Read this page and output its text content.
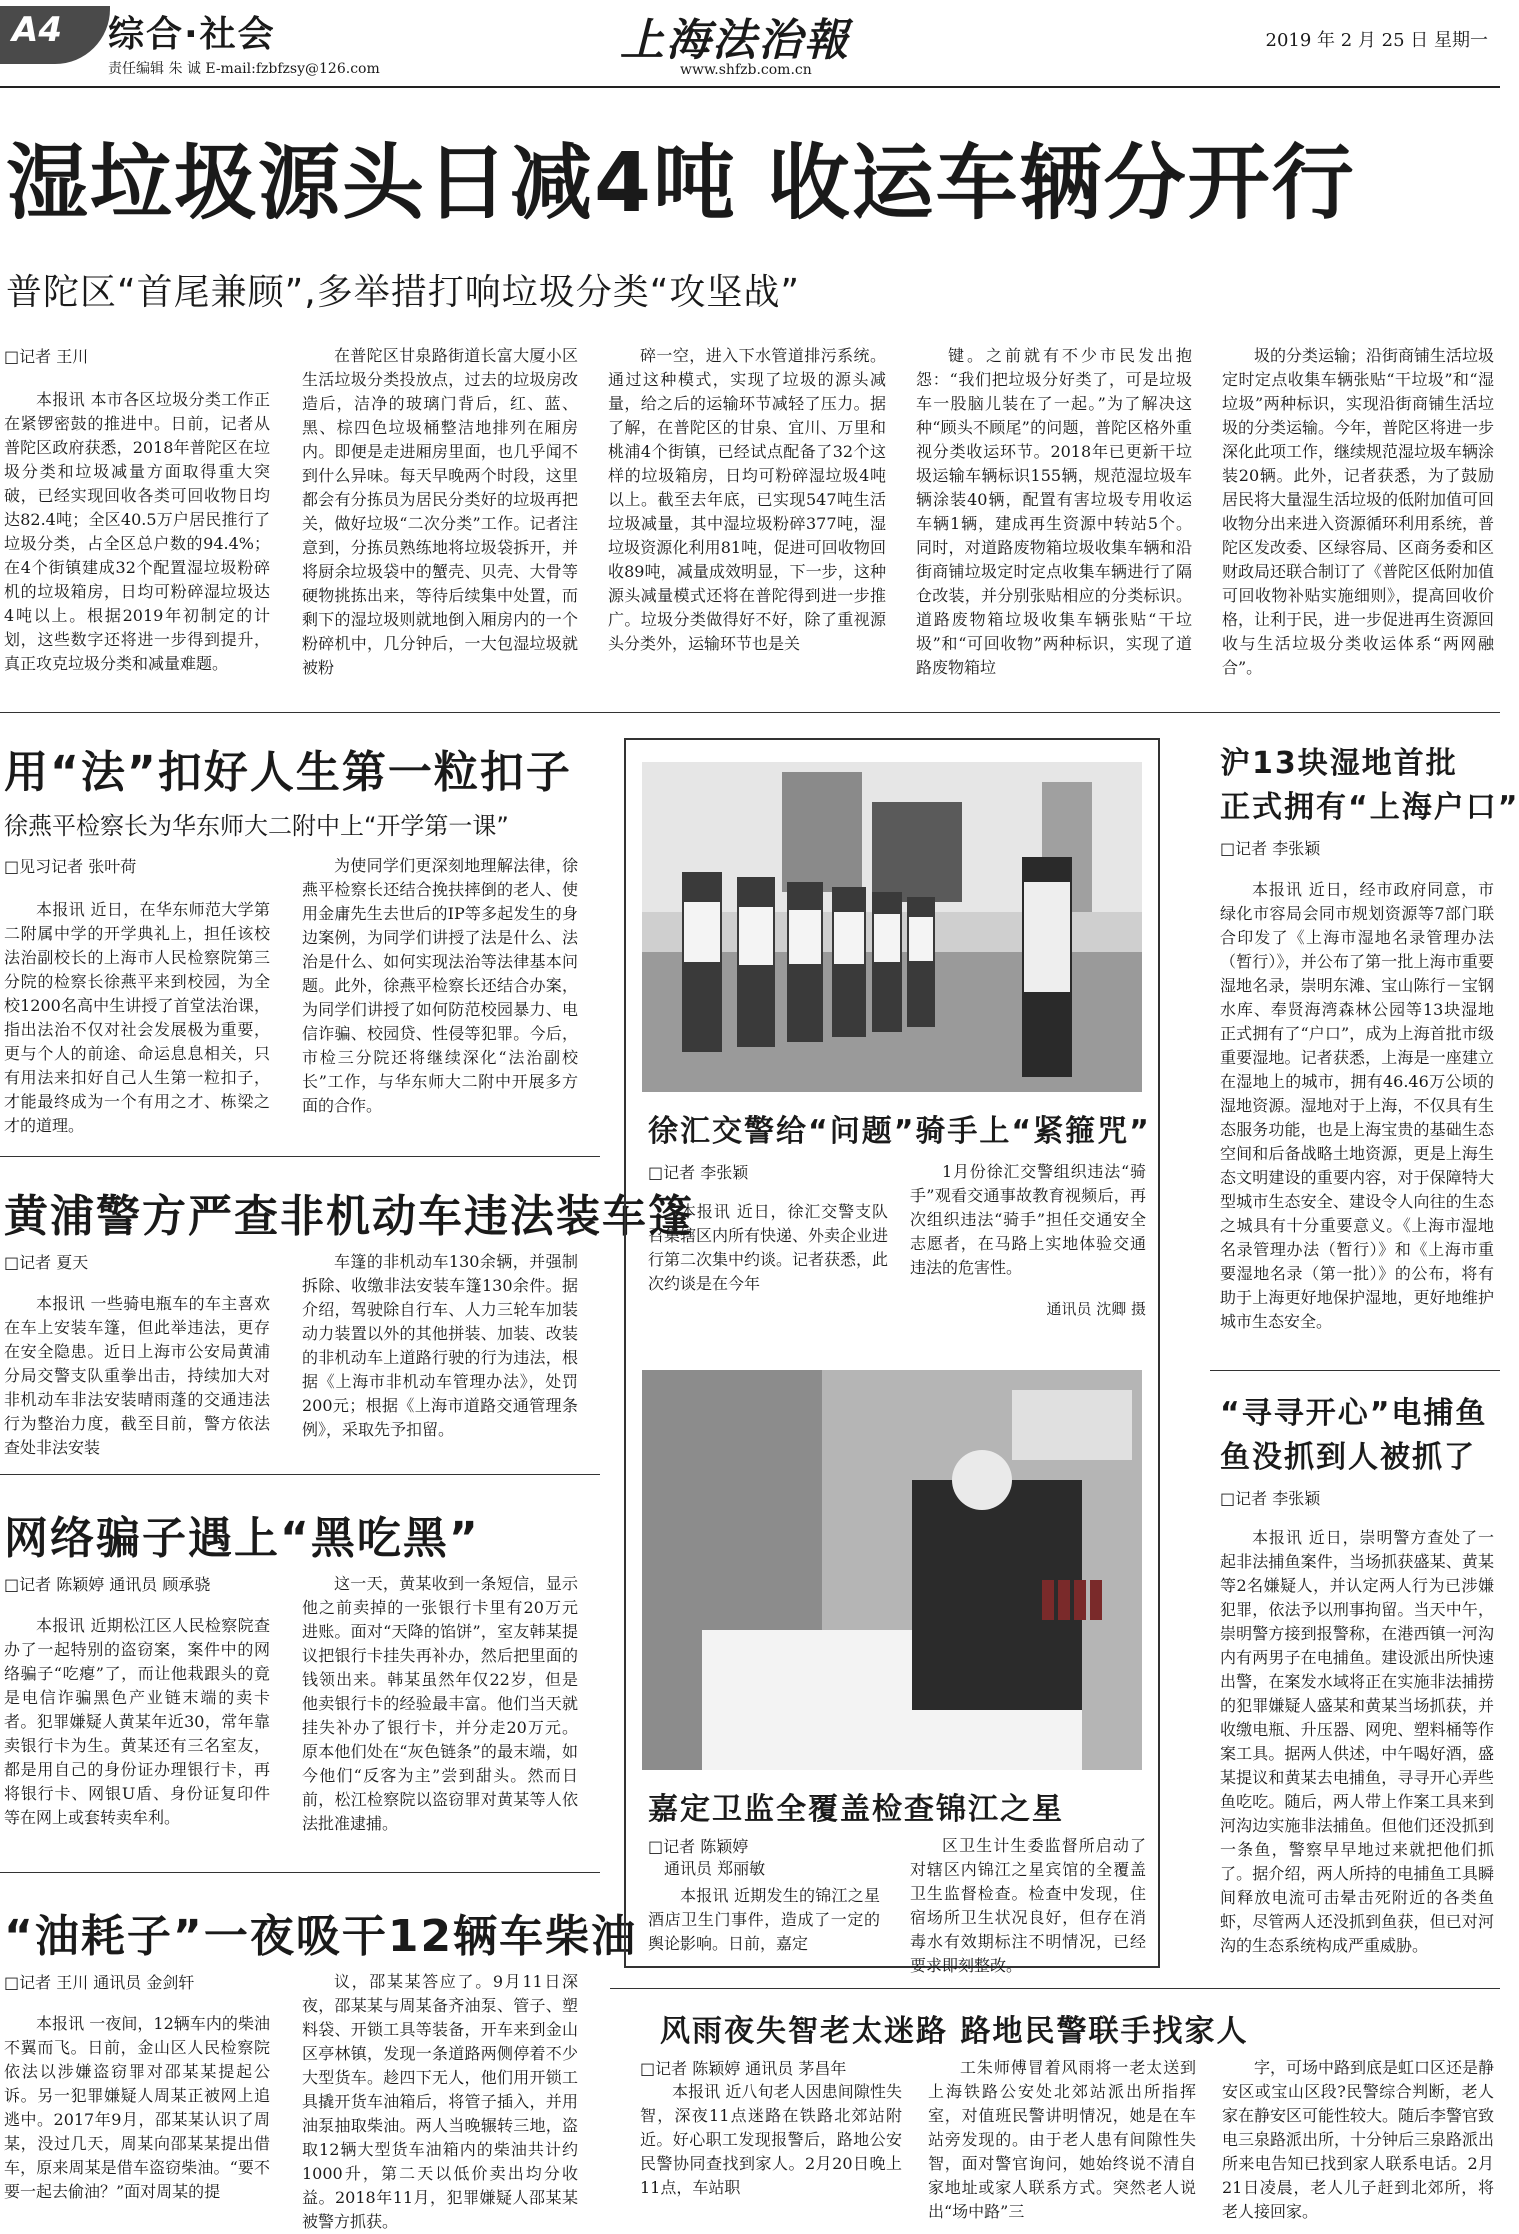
A4 综合·社会
责任编辑 朱 诚 E-mail:fzbfzsy@126.com
上海法治報
www.shfzb.com.cn
2019 年 2 月 25 日 星期一
湿垃圾源头日减4吨 收运车辆分开行
普陀区“首尾兼顾”,多举措打响垃圾分类“攻坚战”
□记者 王川

本报讯 本市各区垃圾分类工作正在紧锣密鼓的推进中。日前，记者从普陀区政府获悉，2018年普陀区在垃圾分类和垃圾减量方面取得重大突破，已经实现回收各类可回收物日均达82.4吨；全区40.5万户居民推行了垃圾分类，占全区总户数的94.4%；在4个街镇建成32个配置湿垃圾粉碎机的垃圾箱房，日均可粉碎湿垃圾达4吨以上。根据2019年初制定的计划，这些数字还将进一步得到提升，真正攻克垃圾分类和减量难题。

在普陀区甘泉路街道长富大厦小区生活垃圾分类投放点，过去的垃圾房改造后，洁净的玻璃门背后，红、蓝、黑、棕四色垃圾桶整洁地排列在厢房内。即便是走进厢房里面，也几乎闻不到什么异味。每天早晚两个时段，这里都会有分拣员为居民分类好的垃圾再把关，做好垃圾“二次分类”工作。记者注意到，分拣员熟练地将垃圾袋拆开，并将厨余垃圾袋中的蟹壳、贝壳、大骨等硬物挑拣出来，等待后续集中处置，而剩下的湿垃圾则就地倒入厢房内的一个粉碎机中，几分钟后，一大包湿垃圾就被粉

碎一空，进入下水管道排污系统。通过这种模式，实现了垃圾的源头减量，给之后的运输环节减轻了压力。据了解，在普陀区的甘泉、宜川、万里和桃浦4个街镇，已经试点配备了32个这样的垃圾箱房，日均可粉碎湿垃圾4吨以上。截至去年底，已实现547吨生活垃圾减量，其中湿垃圾粉碎377吨，湿垃圾资源化利用81吨，促进可回收物回收89吨，减量成效明显，下一步，这种源头减量模式还将在普陀得到进一步推广。垃圾分类做得好不好，除了重视源头分类外，运输环节也是关

键。之前就有不少市民发出抱怨：“我们把垃圾分好类了，可是垃圾车一股脑儿装在了一起。”为了解决这种“顾头不顾尾”的问题，普陀区格外重视分类收运环节。2018年已更新干垃圾运输车辆标识155辆，规范湿垃圾车辆涂装40辆，配置有害垃圾专用收运车辆1辆，建成再生资源中转站5个。同时，对道路废物箱垃圾收集车辆和沿街商铺垃圾定时定点收集车辆进行了隔仓改装，并分别张贴相应的分类标识。道路废物箱垃圾收集车辆张贴“干垃圾”和“可回收物”两种标识，实现了道路废物箱垃

圾的分类运输；沿街商铺生活垃圾定时定点收集车辆张贴“干垃圾”和“湿垃圾”两种标识，实现沿街商铺生活垃圾的分类运输。今年，普陀区将进一步深化此项工作，继续规范湿垃圾车辆涂装20辆。此外，记者获悉，为了鼓励居民将大量湿生活垃圾的低附加值可回收物分出来进入资源循环利用系统，普陀区发改委、区绿容局、区商务委和区财政局还联合制订了《普陀区低附加值可回收物补贴实施细则》，提高回收价格，让利于民，进一步促进再生资源回收与生活垃圾分类收运体系“两网融合”。

用“法”扣好人生第一粒扣子
徐燕平检察长为华东师大二附中上“开学第一课”
□见习记者 张叶荷

本报讯 近日，在华东师范大学第二附属中学的开学典礼上，担任该校法治副校长的上海市人民检察院第三分院的检察长徐燕平来到校园，为全校1200名高中生讲授了首堂法治课，指出法治不仅对社会发展极为重要，更与个人的前途、命运息息相关，只有用法来扣好自己人生第一粒扣子，才能最终成为一个有用之才、栋梁之才的道理。

为使同学们更深刻地理解法律，徐燕平检察长还结合挽扶摔倒的老人、使用金庸先生去世后的IP等多起发生的身边案例，为同学们讲授了法是什么、法治是什么、如何实现法治等法律基本问题。此外，徐燕平检察长还结合办案，为同学们讲授了如何防范校园暴力、电信诈骗、校园贷、性侵等犯罪。今后，市检三分院还将继续深化“法治副校长”工作，与华东师大二附中开展多方面的合作。

黄浦警方严查非机动车违法装车篷
□记者 夏天

本报讯 一些骑电瓶车的车主喜欢在车上安装车篷，但此举违法，更存在安全隐患。近日上海市公安局黄浦分局交警支队重拳出击，持续加大对非机动车非法安装晴雨蓬的交通违法行为整治力度，截至目前，警方依法查处非法安装

车篷的非机动车130余辆，并强制拆除、收缴非法安装车篷130余件。据介绍，驾驶除自行车、人力三轮车加装动力装置以外的其他拼装、加装、改装的非机动车上道路行驶的行为违法，根据《上海市非机动车管理办法》，处罚200元；根据《上海市道路交通管理条例》，采取先予扣留。

网络骗子遇上“黑吃黑”
□记者 陈颖婷 通讯员 顾承骁

本报讯 近期松江区人民检察院查办了一起特别的盗窃案，案件中的网络骗子“吃瘪”了，而让他栽跟头的竟是电信诈骗黑色产业链末端的卖卡者。犯罪嫌疑人黄某年近30，常年靠卖银行卡为生。黄某还有三名室友，都是用自己的身份证办理银行卡，再将银行卡、网银U盾、身份证复印件等在网上或套转卖牟利。

这一天，黄某收到一条短信，显示他之前卖掉的一张银行卡里有20万元进账。面对“天降的馅饼”，室友韩某提议把银行卡挂失再补办，然后把里面的钱领出来。韩某虽然年仅22岁，但是他卖银行卡的经验最丰富。他们当天就挂失补办了银行卡，并分走20万元。原本他们处在“灰色链条”的最末端，如今他们“反客为主”尝到甜头。然而日前，松江检察院以盗窃罪对黄某等人依法批准逮捕。

“油耗子”一夜吸干12辆车柴油
□记者 王川 通讯员 金剑轩

本报讯 一夜间，12辆车内的柴油不翼而飞。日前，金山区人民检察院依法以涉嫌盗窃罪对邵某某提起公诉。另一犯罪嫌疑人周某正被网上追逃中。2017年9月，邵某某认识了周某，没过几天，周某向邵某某提出借车，原来周某是借车盗窃柴油。“要不要一起去偷油？”面对周某的提

议，邵某某答应了。9月11日深夜，邵某某与周某备齐油泵、管子、塑料袋、开锁工具等装备，开车来到金山区亭林镇，发现一条道路两侧停着不少大型货车。趁四下无人，他们用开锁工具撬开货车油箱后，将管子插入，并用油泵抽取柴油。两人当晚辗转三地，盗取12辆大型货车油箱内的柴油共计约1000升，第二天以低价卖出均分收益。2018年11月，犯罪嫌疑人邵某某被警方抓获。

徐汇交警给“问题”骑手上“紧箍咒”
□记者 李张颖

本报讯 近日，徐汇交警支队召集辖区内所有快递、外卖企业进行第二次集中约谈。记者获悉，此次约谈是在今年

1月份徐汇交警组织违法“骑手”观看交通事故教育视频后，再次组织违法“骑手”担任交通安全志愿者，在马路上实地体验交通违法的危害性。

通讯员 沈卿 摄
嘉定卫监全覆盖检查锦江之星
□记者 陈颖婷
通讯员 郑丽敏

本报讯 近期发生的锦江之星酒店卫生门事件，造成了一定的舆论影响。日前，嘉定

区卫生计生委监督所启动了对辖区内锦江之星宾馆的全覆盖卫生监督检查。检查中发现，住宿场所卫生状况良好，但存在消毒水有效期标注不明情况，已经要求即刻整改。

沪13块湿地首批
正式拥有“上海户口”
□记者 李张颖

本报讯 近日，经市政府同意，市绿化市容局会同市规划资源等7部门联合印发了《上海市湿地名录管理办法（暂行）》，并公布了第一批上海市重要湿地名录，崇明东滩、宝山陈行－宝钢水库、奉贤海湾森林公园等13块湿地正式拥有了“户口”，成为上海首批市级重要湿地。记者获悉，上海是一座建立在湿地上的城市，拥有46.46万公顷的湿地资源。湿地对于上海，不仅具有生态服务功能，也是上海宝贵的基础生态空间和后备战略土地资源，更是上海生态文明建设的重要内容，对于保障特大型城市生态安全、建设令人向往的生态之城具有十分重要意义。《上海市湿地名录管理办法（暂行）》和《上海市重要湿地名录（第一批）》的公布，将有助于上海更好地保护湿地，更好地维护城市生态安全。

“寻寻开心”电捕鱼
鱼没抓到人被抓了
□记者 李张颖

本报讯 近日，崇明警方查处了一起非法捕鱼案件，当场抓获盛某、黄某等2名嫌疑人，并认定两人行为已涉嫌犯罪，依法予以刑事拘留。当天中午，崇明警方接到报警称，在港西镇一河沟内有两男子在电捕鱼。建设派出所快速出警，在案发水域将正在实施非法捕捞的犯罪嫌疑人盛某和黄某当场抓获，并收缴电瓶、升压器、网兜、塑料桶等作案工具。据两人供述，中午喝好酒，盛某提议和黄某去电捕鱼，寻寻开心弄些鱼吃吃。随后，两人带上作案工具来到河沟边实施非法捕鱼。但他们还没抓到一条鱼，警察早早地过来就把他们抓了。据介绍，两人所持的电捕鱼工具瞬间释放电流可击晕击死附近的各类鱼虾，尽管两人还没抓到鱼获，但已对河沟的生态系统构成严重威胁。

风雨夜失智老太迷路 路地民警联手找家人
□记者 陈颖婷 通讯员 茅昌年

本报讯 近八旬老人因患间隙性失智，深夜11点迷路在铁路北郊站附近。好心职工发现报警后，路地公安民警协同查找到家人。2月20日晚上11点，车站职

工朱师傅冒着风雨将一老太送到上海铁路公安处北郊站派出所指挥室，对值班民警讲明情况，她是在车站旁发现的。由于老人患有间隙性失智，面对警官询问，她始终说不清自家地址或家人联系方式。突然老人说出“场中路”三

字，可场中路到底是虹口区还是静安区或宝山区段?民警综合判断，老人家在静安区可能性较大。随后李警官致电三泉路派出所，十分钟后三泉路派出所来电告知已找到家人联系电话。2月21日凌晨，老人儿子赶到北郊所，将老人接回家。
